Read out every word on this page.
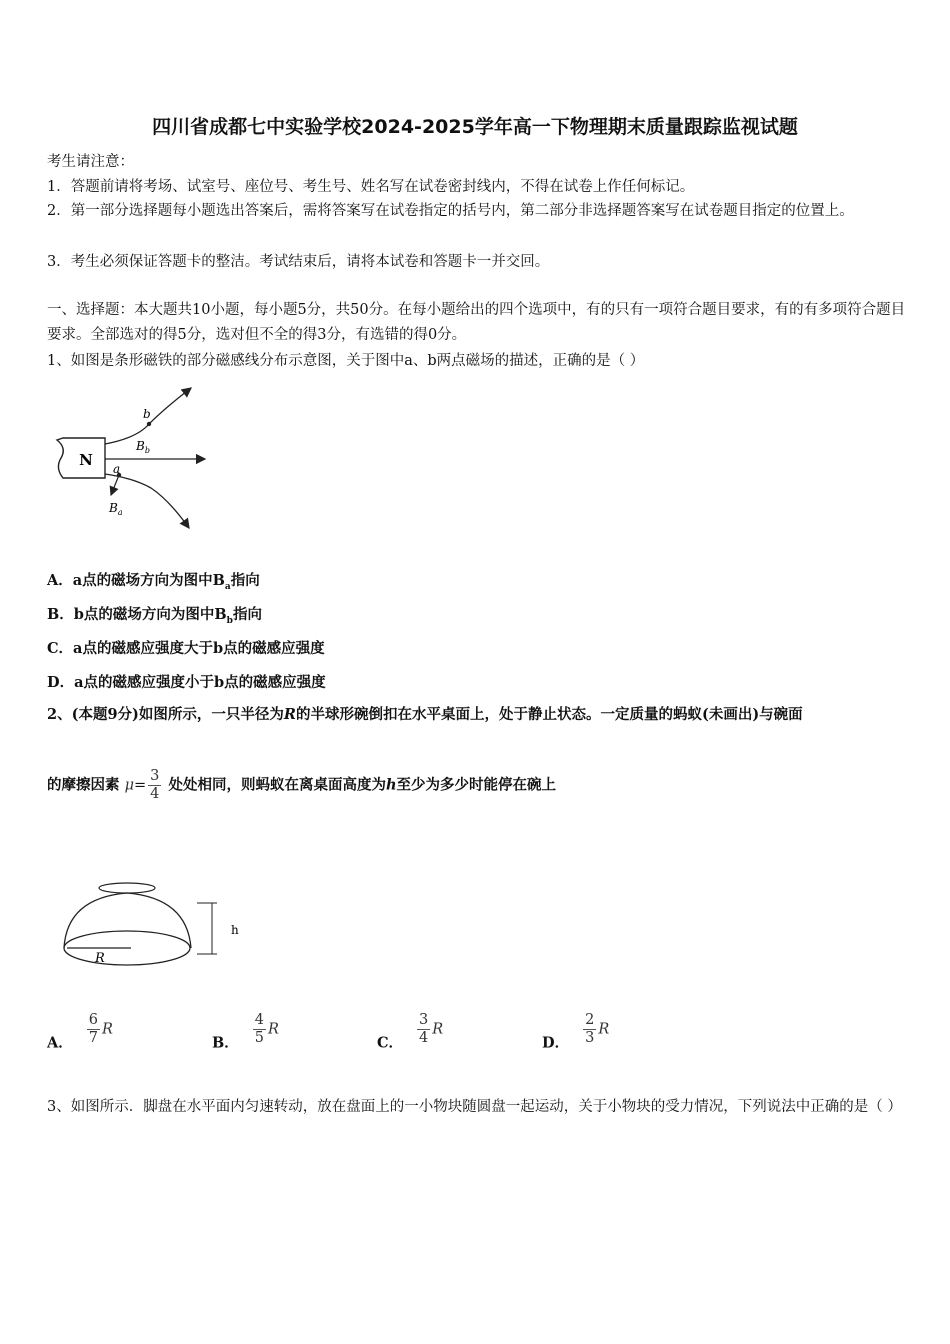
四川省成都七中实验学校2024-2025学年高一下物理期末质量跟踪监视试题
考生请注意：
1．答题前请将考场、试室号、座位号、考生号、姓名写在试卷密封线内，不得在试卷上作任何标记。
2．第一部分选择题每小题选出答案后，需将答案写在试卷指定的括号内，第二部分非选择题答案写在试卷题目指定的位置上。
3．考生必须保证答题卡的整洁。考试结束后，请将本试卷和答题卡一并交回。
一、选择题：本大题共10小题，每小题5分，共50分。在每小题给出的四个选项中，有的只有一项符合题目要求，有的有多项符合题目要求。全部选对的得5分，选对但不全的得3分，有选错的得0分。
1、如图是条形磁铁的部分磁感线分布示意图，关于图中a、b两点磁场的描述，正确的是（ ）
N
b
$B_b$
a
$B_a$
A．a点的磁场方向为图中$B_a$指向
B．b点的磁场方向为图中$B_b$指向
C．a点的磁感应强度大于b点的磁感应强度
D．a点的磁感应强度小于b点的磁感应强度
2、(本题9分)如图所示，一只半径为R的半球形碗倒扣在水平桌面上，处于静止状态。一定质量的蚂蚁(未画出)与碗面
的摩擦因素 $\mu= \frac{3}{4}$ 处处相同，则蚂蚁在离桌面高度为h至少为多少时能停在碗上
R
h
A． $\frac{6}{7}$ R
B． $\frac{4}{5}$ R
C． $\frac{3}{4}$ R
D． $\frac{2}{3}$ R
3、如图所示．脚盘在水平面内匀速转动，放在盘面上的一小物块随圆盘一起运动，关于小物块的受力情况，下列说法中正确的是（ ）
